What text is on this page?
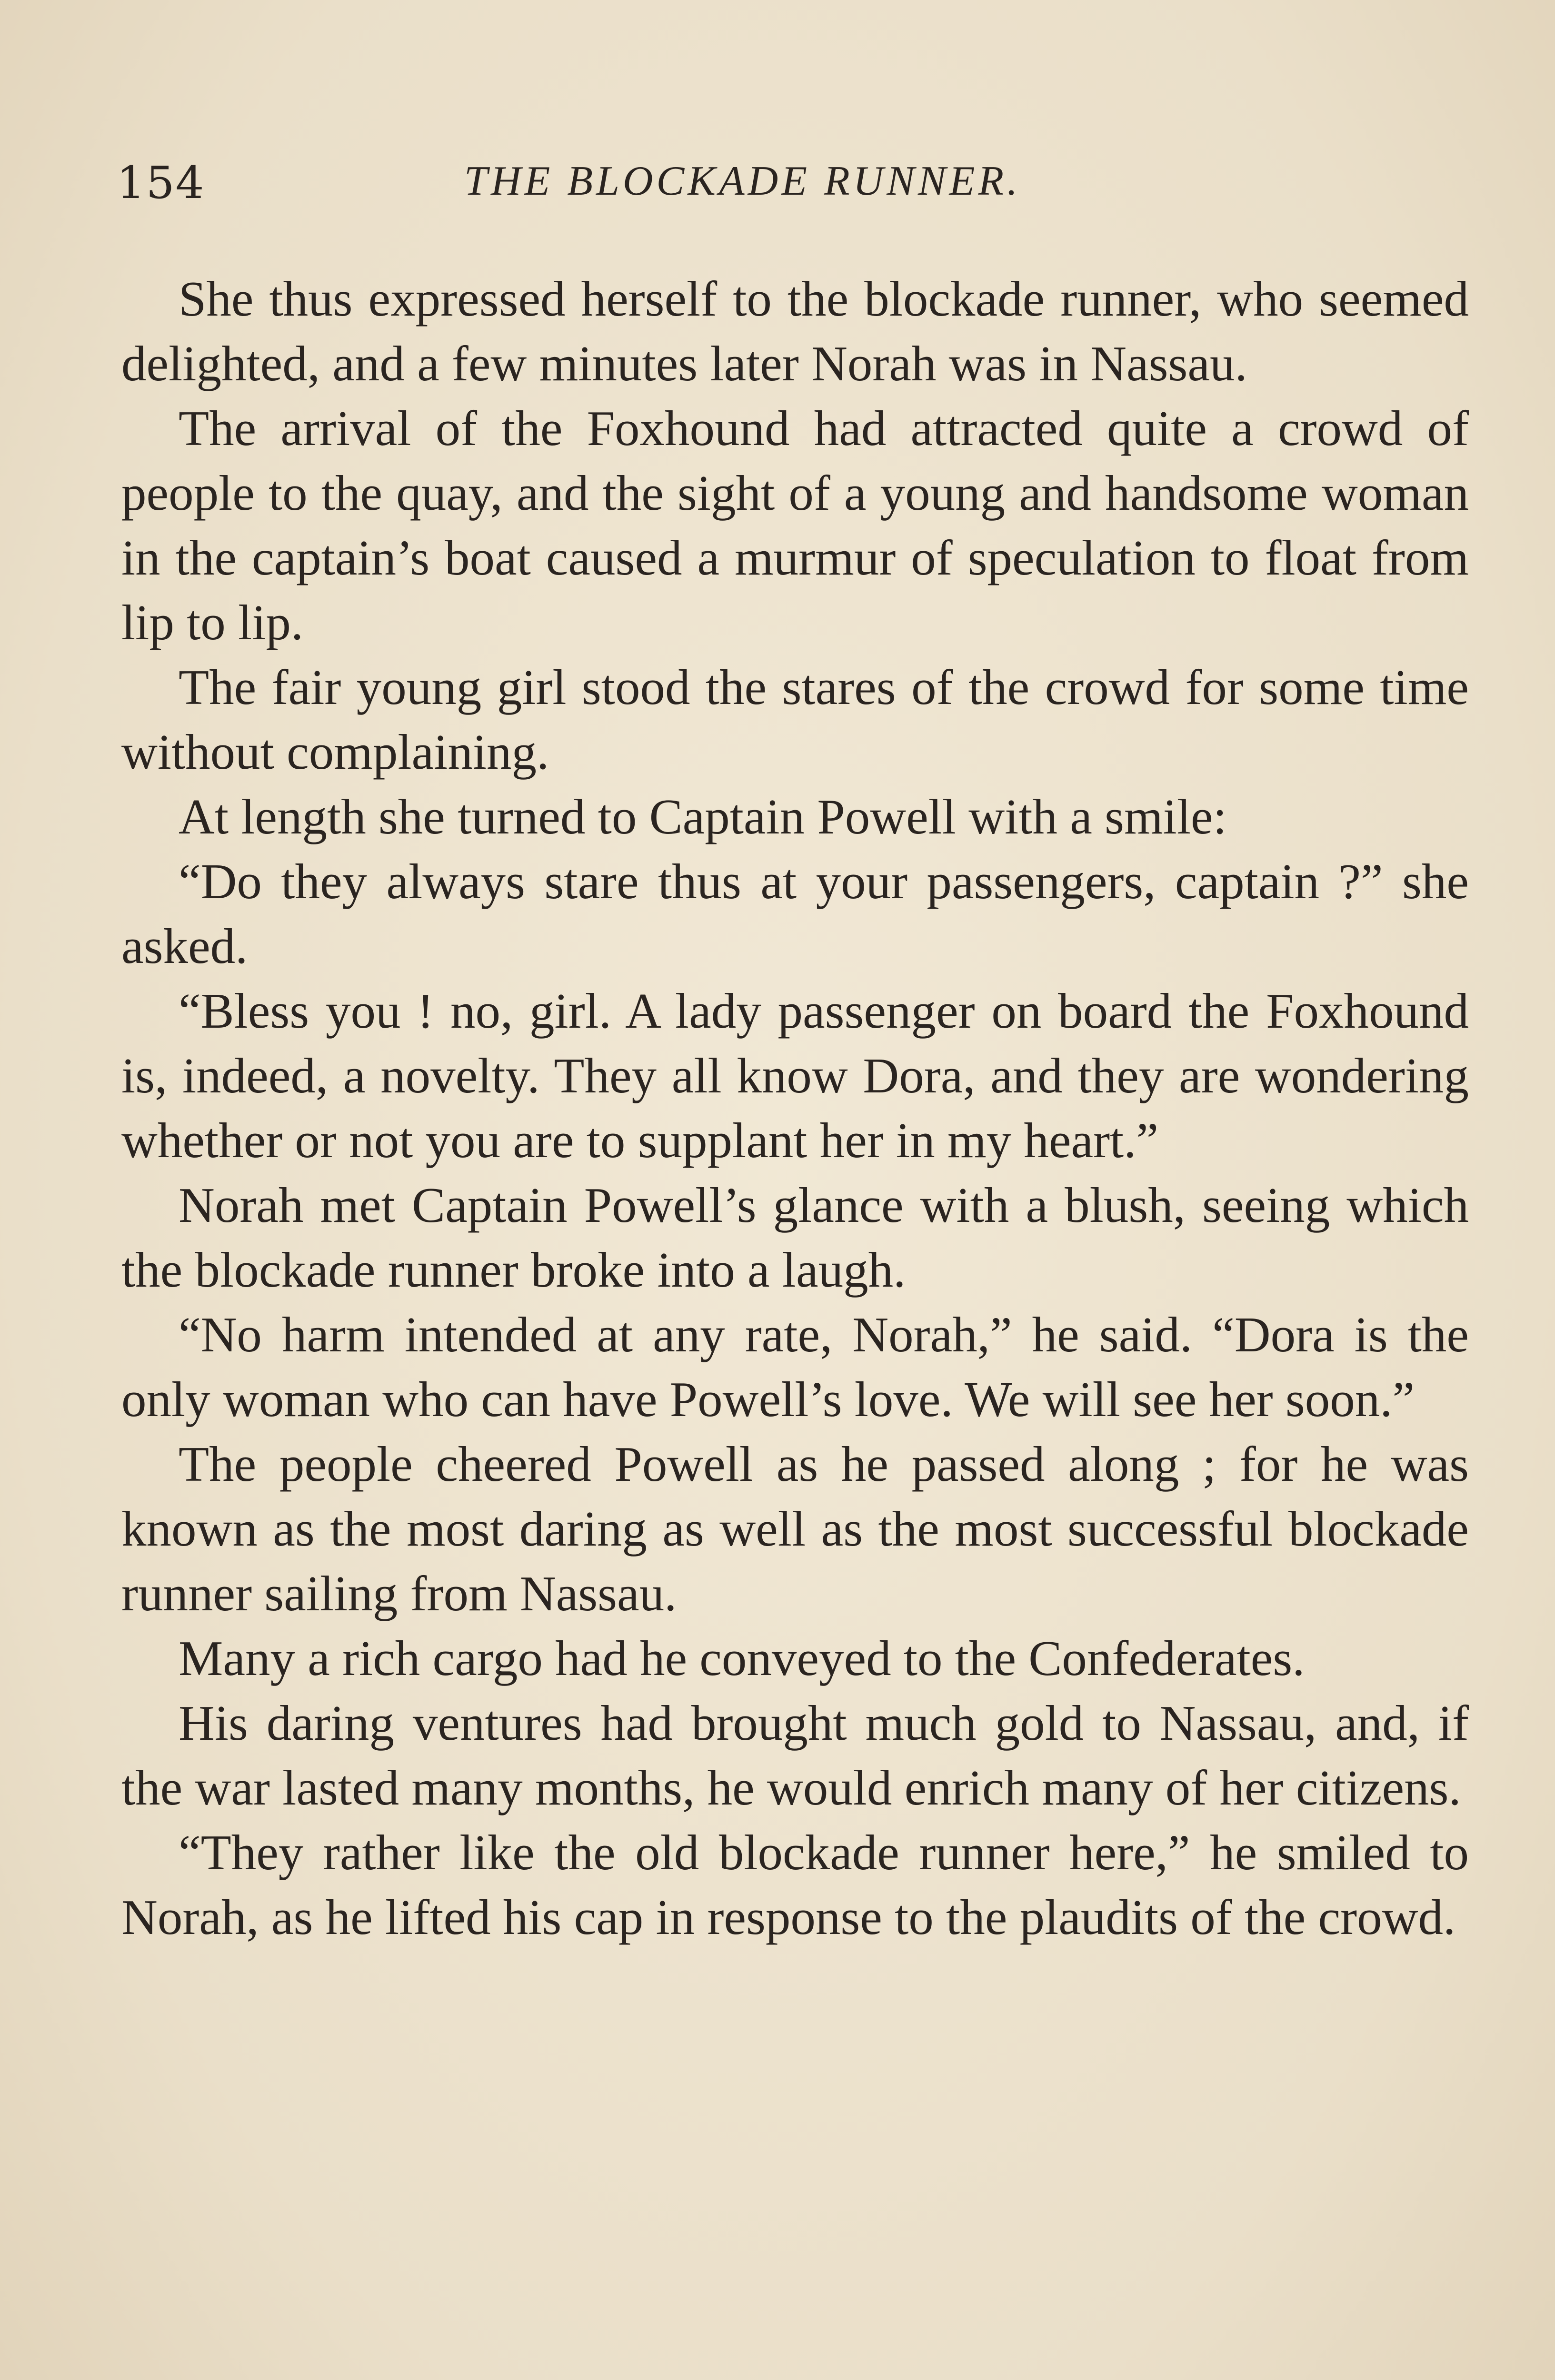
154	THE BLOCKADE RUNNER.

She thus expressed herself to the blockade runner, who seemed delighted, and a few minutes later Norah was in Nassau.

The arrival of the Foxhound had attracted quite a crowd of people to the quay, and the sight of a young and handsome woman in the captain’s boat caused a murmur of speculation to float from lip to lip.

The fair young girl stood the stares of the crowd for some time without complaining.

At length she turned to Captain Powell with a smile:

“Do they always stare thus at your passengers, captain ?” she asked.

“Bless you ! no, girl. A lady passenger on board the Foxhound is, indeed, a novelty. They all know Dora, and they are wondering whether or not you are to supplant her in my heart.”

Norah met Captain Powell’s glance with a blush, seeing which the blockade runner broke into a laugh.

“No harm intended at any rate, Norah,” he said. “Dora is the only woman who can have Powell’s love. We will see her soon.”

The people cheered Powell as he passed along ; for he was known as the most daring as well as the most successful blockade runner sailing from Nassau.

Many a rich cargo had he conveyed to the Confederates.

His daring ventures had brought much gold to Nassau, and, if the war lasted many months, he would enrich many of her citizens.

“They rather like the old blockade runner here,” he smiled to Norah, as he lifted his cap in response to the plaudits of the crowd.
